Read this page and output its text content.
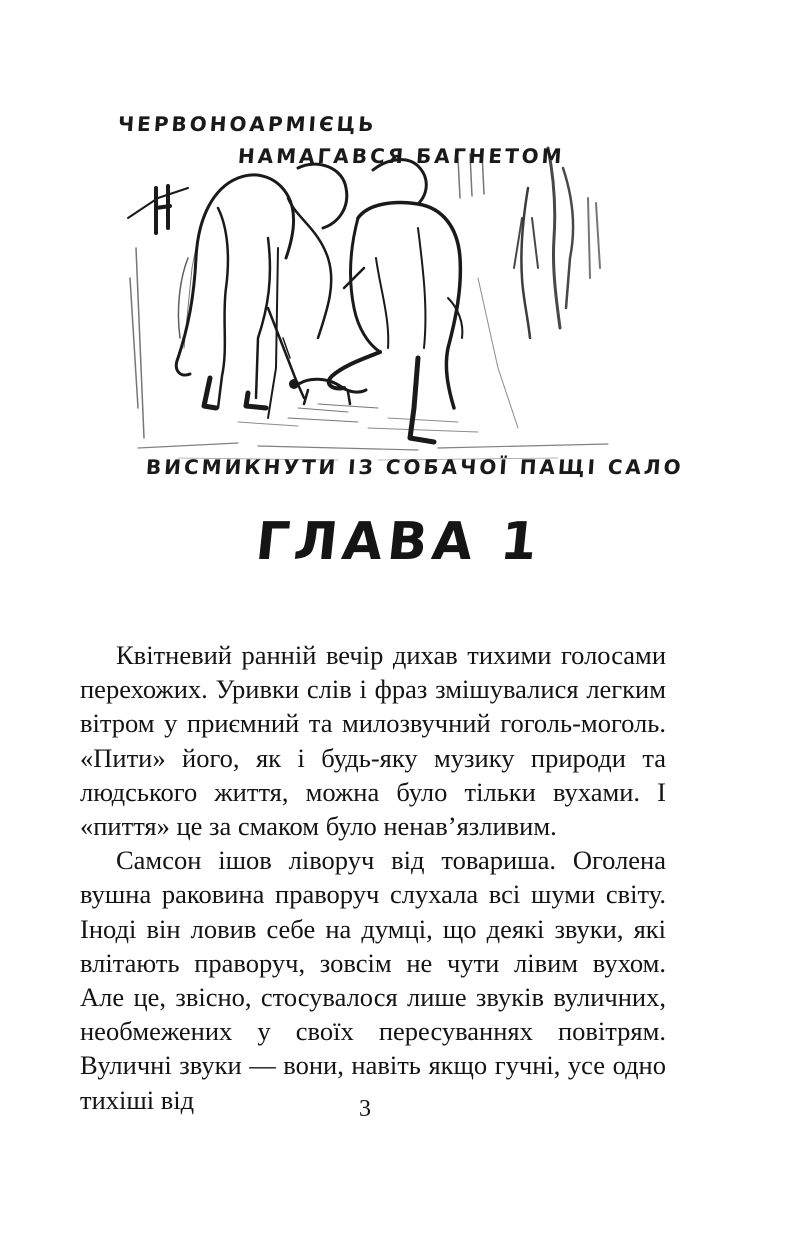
ЧЕРВОНОАРМІЄЦЬ
НАМАГАВСЯ БАГНЕТОМ
ВИСМИКНУТИ ІЗ СОБАЧОЇ ПАЩІ САЛО
ГЛАВА 1

Квітневий ранній вечір дихав тихими голосами перехожих. Уривки слів і фраз змішувалися легким вітром у приємний та милозвучний гоголь-моголь. «Пити» його, як і будь-яку музику природи та людського життя, можна було тільки вухами. І «пиття» це за смаком було ненав’язливим.

Самсон ішов ліворуч від товариша. Оголена вушна раковина праворуч слухала всі шуми світу. Іноді він ловив себе на думці, що деякі звуки, які влітають праворуч, зовсім не чути лівим вухом. Але це, звісно, стосувалося лише звуків вуличних, необмежених у своїх пересуваннях повітрям. Вуличні звуки — вони, навіть якщо гучні, усе одно тихіші від	3
